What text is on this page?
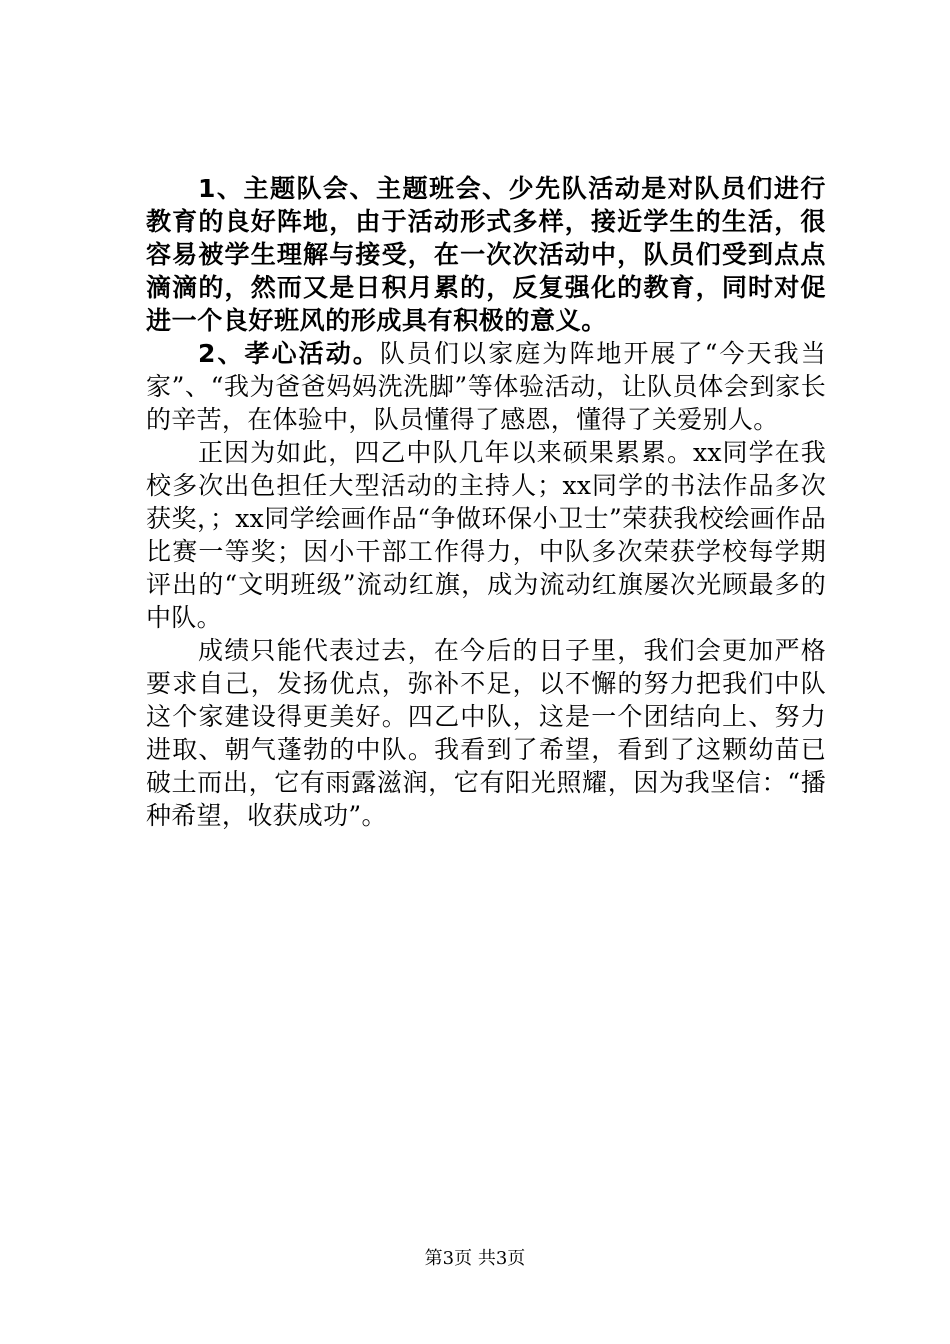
1、主题队会、主题班会、少先队活动是对队员们进行教育的良好阵地，由于活动形式多样，接近学生的生活，很容易被学生理解与接受，在一次次活动中，队员们受到点点滴滴的，然而又是日积月累的，反复强化的教育，同时对促进一个良好班风的形成具有积极的意义。

2、孝心活动。队员们以家庭为阵地开展了“今天我当家”、“我为爸爸妈妈洗洗脚”等体验活动，让队员体会到家长的辛苦，在体验中，队员懂得了感恩，懂得了关爱别人。

正因为如此，四乙中队几年以来硕果累累。xx同学在我校多次出色担任大型活动的主持人；xx同学的书法作品多次获奖，；xx同学绘画作品“争做环保小卫士”荣获我校绘画作品比赛一等奖；因小干部工作得力，中队多次荣获学校每学期评出的“文明班级”流动红旗，成为流动红旗屡次光顾最多的中队。

成绩只能代表过去，在今后的日子里，我们会更加严格要求自己，发扬优点，弥补不足，以不懈的努力把我们中队这个家建设得更美好。四乙中队，这是一个团结向上、努力进取、朝气蓬勃的中队。我看到了希望，看到了这颗幼苗已破土而出，它有雨露滋润，它有阳光照耀，因为我坚信：“播种希望，收获成功”。

第3页 共3页
